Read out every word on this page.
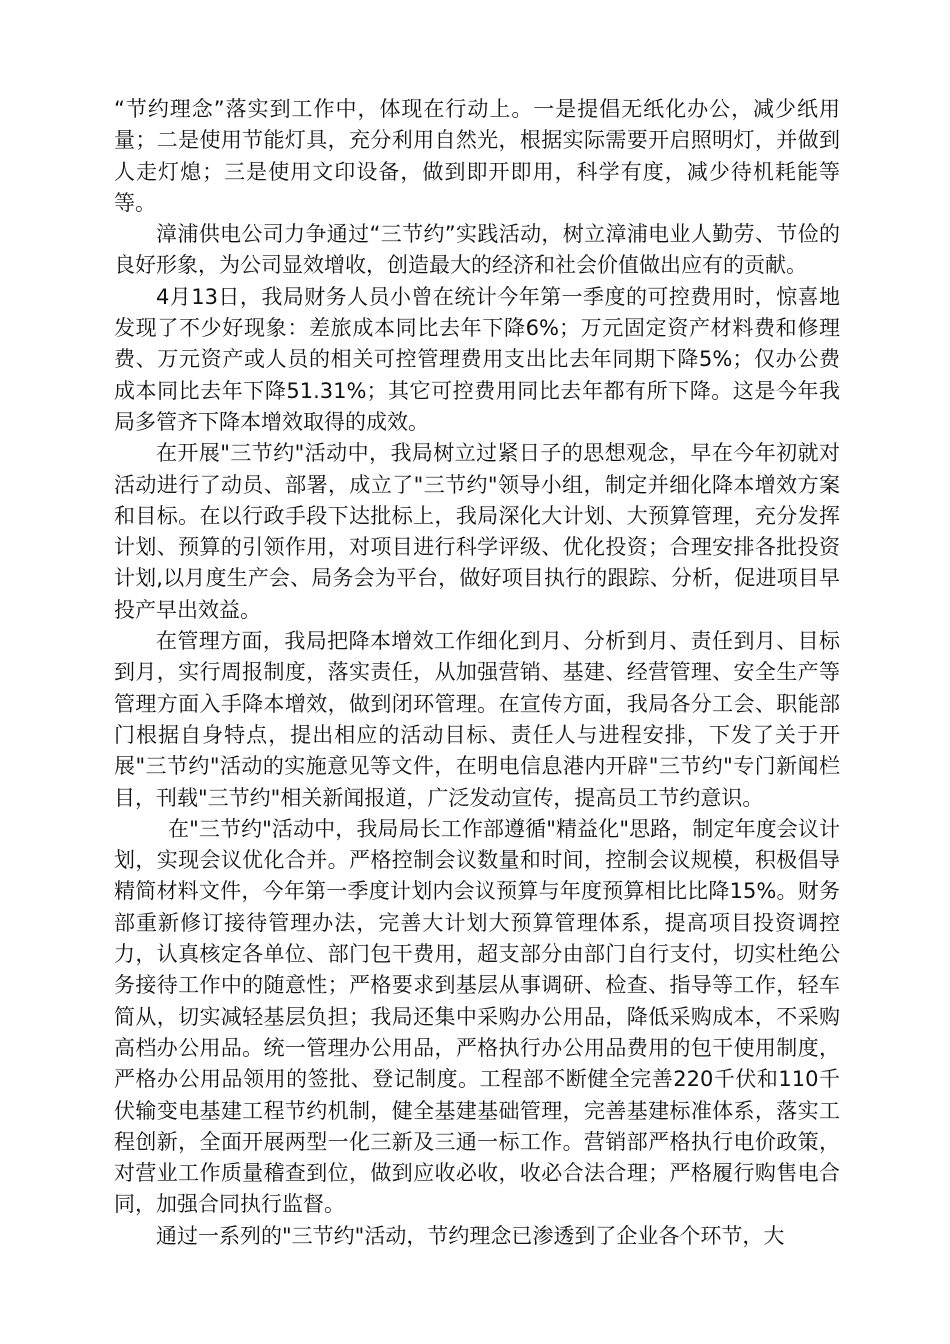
“节约理念”落实到工作中，体现在行动上。一是提倡无纸化办公，减少纸用量；二是使用节能灯具，充分利用自然光，根据实际需要开启照明灯，并做到人走灯熄；三是使用文印设备，做到即开即用，科学有度，减少待机耗能等等。

漳浦供电公司力争通过“三节约”实践活动，树立漳浦电业人勤劳、节俭的良好形象，为公司显效增收，创造最大的经济和社会价值做出应有的贡献。

4月13日，我局财务人员小曾在统计今年第一季度的可控费用时，惊喜地发现了不少好现象：差旅成本同比去年下降6%；万元固定资产材料费和修理费、万元资产或人员的相关可控管理费用支出比去年同期下降5%；仅办公费成本同比去年下降51.31%；其它可控费用同比去年都有所下降。这是今年我局多管齐下降本增效取得的成效。

在开展"三节约"活动中，我局树立过紧日子的思想观念，早在今年初就对活动进行了动员、部署，成立了"三节约"领导小组，制定并细化降本增效方案和目标。在以行政手段下达批标上，我局深化大计划、大预算管理，充分发挥计划、预算的引领作用，对项目进行科学评级、优化投资；合理安排各批投资计划,以月度生产会、局务会为平台，做好项目执行的跟踪、分析，促进项目早投产早出效益。

在管理方面，我局把降本增效工作细化到月、分析到月、责任到月、目标到月，实行周报制度，落实责任，从加强营销、基建、经营管理、安全生产等管理方面入手降本增效，做到闭环管理。在宣传方面，我局各分工会、职能部门根据自身特点，提出相应的活动目标、责任人与进程安排，下发了关于开展"三节约"活动的实施意见等文件，在明电信息港内开辟"三节约"专门新闻栏目，刊载"三节约"相关新闻报道，广泛发动宣传，提高员工节约意识。

在"三节约"活动中，我局局长工作部遵循"精益化"思路，制定年度会议计划，实现会议优化合并。严格控制会议数量和时间，控制会议规模，积极倡导精简材料文件，今年第一季度计划内会议预算与年度预算相比比降15%。财务部重新修订接待管理办法，完善大计划大预算管理体系，提高项目投资调控力，认真核定各单位、部门包干费用，超支部分由部门自行支付，切实杜绝公务接待工作中的随意性；严格要求到基层从事调研、检查、指导等工作，轻车简从，切实减轻基层负担；我局还集中采购办公用品，降低采购成本，不采购高档办公用品。统一管理办公用品，严格执行办公用品费用的包干使用制度，严格办公用品领用的签批、登记制度。工程部不断健全完善220千伏和110千伏输变电基建工程节约机制，健全基建基础管理，完善基建标准体系，落实工程创新，全面开展两型一化三新及三通一标工作。营销部严格执行电价政策，对营业工作质量稽查到位，做到应收必收，收必合法合理；严格履行购售电合同，加强合同执行监督。

通过一系列的"三节约"活动，节约理念已渗透到了企业各个环节，大
